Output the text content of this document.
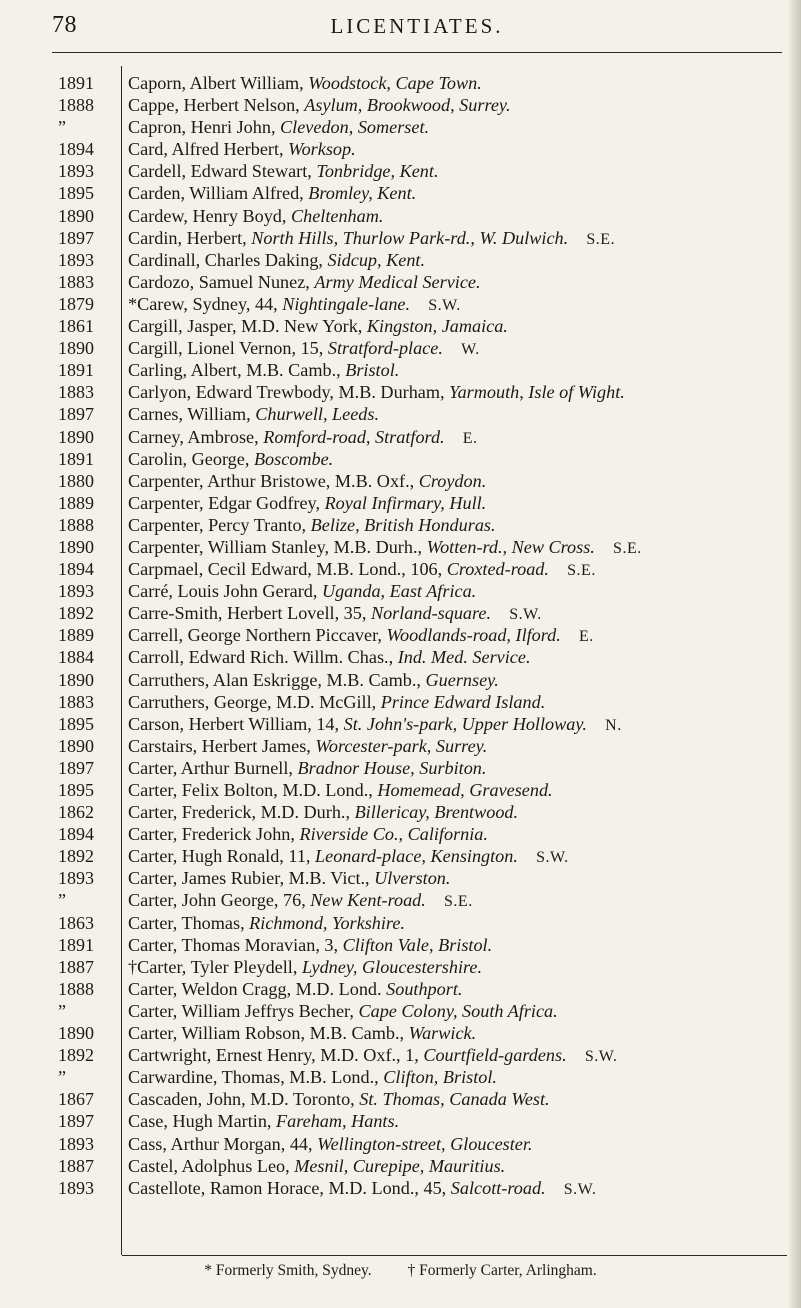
78	LICENTIATES.
1891	Caporn, Albert William, Woodstock, Cape Town.
1888	Cappe, Herbert Nelson, Asylum, Brookwood, Surrey.
”	Capron, Henri John, Clevedon, Somerset.
1894	Card, Alfred Herbert, Worksop.
1893	Cardell, Edward Stewart, Tonbridge, Kent.
1895	Carden, William Alfred, Bromley, Kent.
1890	Cardew, Henry Boyd, Cheltenham.
1897	Cardin, Herbert, North Hills, Thurlow Park-rd., W. Dulwich.  S.E.
1893	Cardinall, Charles Daking, Sidcup, Kent.
1883	Cardozo, Samuel Nunez, Army Medical Service.
1879	*Carew, Sydney, 44, Nightingale-lane.  S.W.
1861	Cargill, Jasper, M.D. New York, Kingston, Jamaica.
1890	Cargill, Lionel Vernon, 15, Stratford-place.  W.
1891	Carling, Albert, M.B. Camb., Bristol.
1883	Carlyon, Edward Trewbody, M.B. Durham, Yarmouth, Isle of Wight.
1897	Carnes, William, Churwell, Leeds.
1890	Carney, Ambrose, Romford-road, Stratford.  E.
1891	Carolin, George, Boscombe.
1880	Carpenter, Arthur Bristowe, M.B. Oxf., Croydon.
1889	Carpenter, Edgar Godfrey, Royal Infirmary, Hull.
1888	Carpenter, Percy Tranto, Belize, British Honduras.
1890	Carpenter, William Stanley, M.B. Durh., Wotten-rd., New Cross.  S.E.
1894	Carpmael, Cecil Edward, M.B. Lond., 106, Croxted-road.  S.E.
1893	Carré, Louis John Gerard, Uganda, East Africa.
1892	Carre-Smith, Herbert Lovell, 35, Norland-square.  S.W.
1889	Carrell, George Northern Piccaver, Woodlands-road, Ilford.  E.
1884	Carroll, Edward Rich. Willm. Chas., Ind. Med. Service.
1890	Carruthers, Alan Eskrigge, M.B. Camb., Guernsey.
1883	Carruthers, George, M.D. McGill, Prince Edward Island.
1895	Carson, Herbert William, 14, St. John's-park, Upper Holloway.  N.
1890	Carstairs, Herbert James, Worcester-park, Surrey.
1897	Carter, Arthur Burnell, Bradnor House, Surbiton.
1895	Carter, Felix Bolton, M.D. Lond., Homemead, Gravesend.
1862	Carter, Frederick, M.D. Durh., Billericay, Brentwood.
1894	Carter, Frederick John, Riverside Co., California.
1892	Carter, Hugh Ronald, 11, Leonard-place, Kensington.  S.W.
1893	Carter, James Rubier, M.B. Vict., Ulverston.
”	Carter, John George, 76, New Kent-road.  S.E.
1863	Carter, Thomas, Richmond, Yorkshire.
1891	Carter, Thomas Moravian, 3, Clifton Vale, Bristol.
1887	†Carter, Tyler Pleydell, Lydney, Gloucestershire.
1888	Carter, Weldon Cragg, M.D. Lond. Southport.
”	Carter, William Jeffrys Becher, Cape Colony, South Africa.
1890	Carter, William Robson, M.B. Camb., Warwick.
1892	Cartwright, Ernest Henry, M.D. Oxf., 1, Courtfield-gardens.  S.W.
”	Carwardine, Thomas, M.B. Lond., Clifton, Bristol.
1867	Cascaden, John, M.D. Toronto, St. Thomas, Canada West.
1897	Case, Hugh Martin, Fareham, Hants.
1893	Cass, Arthur Morgan, 44, Wellington-street, Gloucester.
1887	Castel, Adolphus Leo, Mesnil, Curepipe, Mauritius.
1893	Castellote, Ramon Horace, M.D. Lond., 45, Salcott-road.  S.W.
* Formerly Smith, Sydney. † Formerly Carter, Arlingham.
